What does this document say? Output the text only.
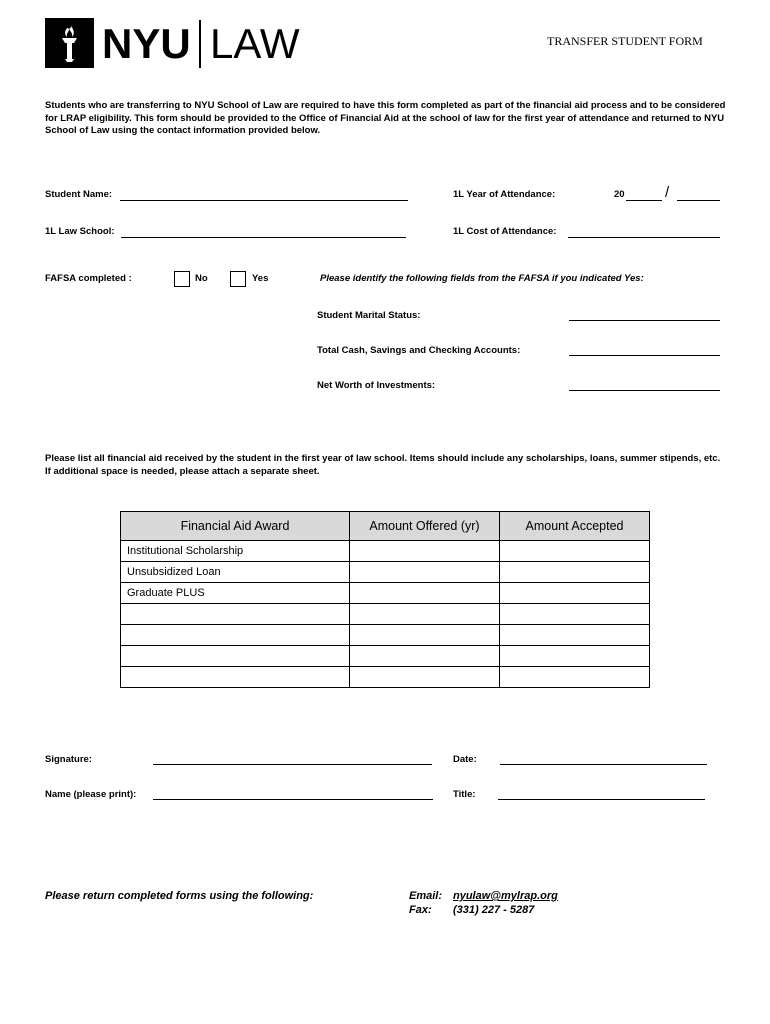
NYU LAW	TRANSFER STUDENT FORM
Students who are transferring to NYU School of Law are required to have this form completed as part of the financial aid process and to be considered for LRAP eligibility. This form should be provided to the Office of Financial Aid at the school of law for the first year of attendance and returned to NYU School of Law using the contact information provided below.
Student Name:	1L Year of Attendance:	20	/
1L Law School:	1L Cost of Attendance:
FAFSA completed :	No	Yes	Please identify the following fields from the FAFSA if you indicated Yes:
Student Marital Status:
Total Cash, Savings and Checking Accounts:
Net Worth of Investments:
Please list all financial aid received by the student in the first year of law school. Items should include any scholarships, loans, summer stipends, etc. If additional space is needed, please attach a separate sheet.
Financial Aid Award	Amount Offered (yr)	Amount Accepted
Institutional Scholarship		
Unsubsidized Loan		
Graduate PLUS		

Signature:	Date:
Name (please print):	Title:
Please return completed forms using the following:	Email: nyulaw@mylrap.org
Fax: (331) 227 - 5287
